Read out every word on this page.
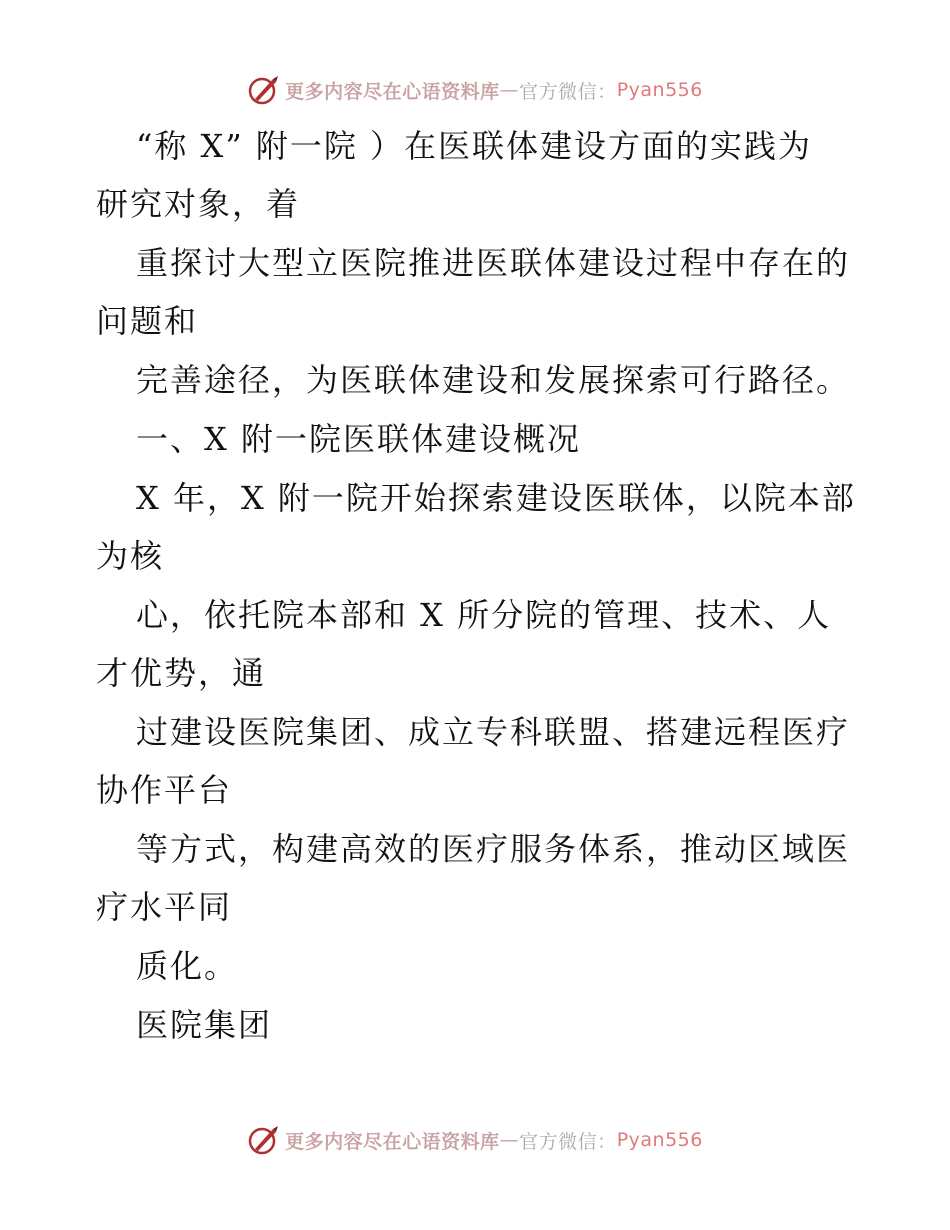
更多内容尽在心语资料库 — 官方微信： Pyan556
“称 X” 附一院 ）在医联体建设方面的实践为
研究对象，着
重探讨大型立医院推进医联体建设过程中存在的
问题和
完善途径，为医联体建设和发展探索可行路径。
一、X 附一院医联体建设概况
X 年，X 附一院开始探索建设医联体，以院本部
为核
心，依托院本部和 X 所分院的管理、技术、人
才优势，通
过建设医院集团、成立专科联盟、搭建远程医疗
协作平台
等方式，构建高效的医疗服务体系，推动区域医
疗水平同
质化。
医院集团
更多内容尽在心语资料库 — 官方微信： Pyan556
